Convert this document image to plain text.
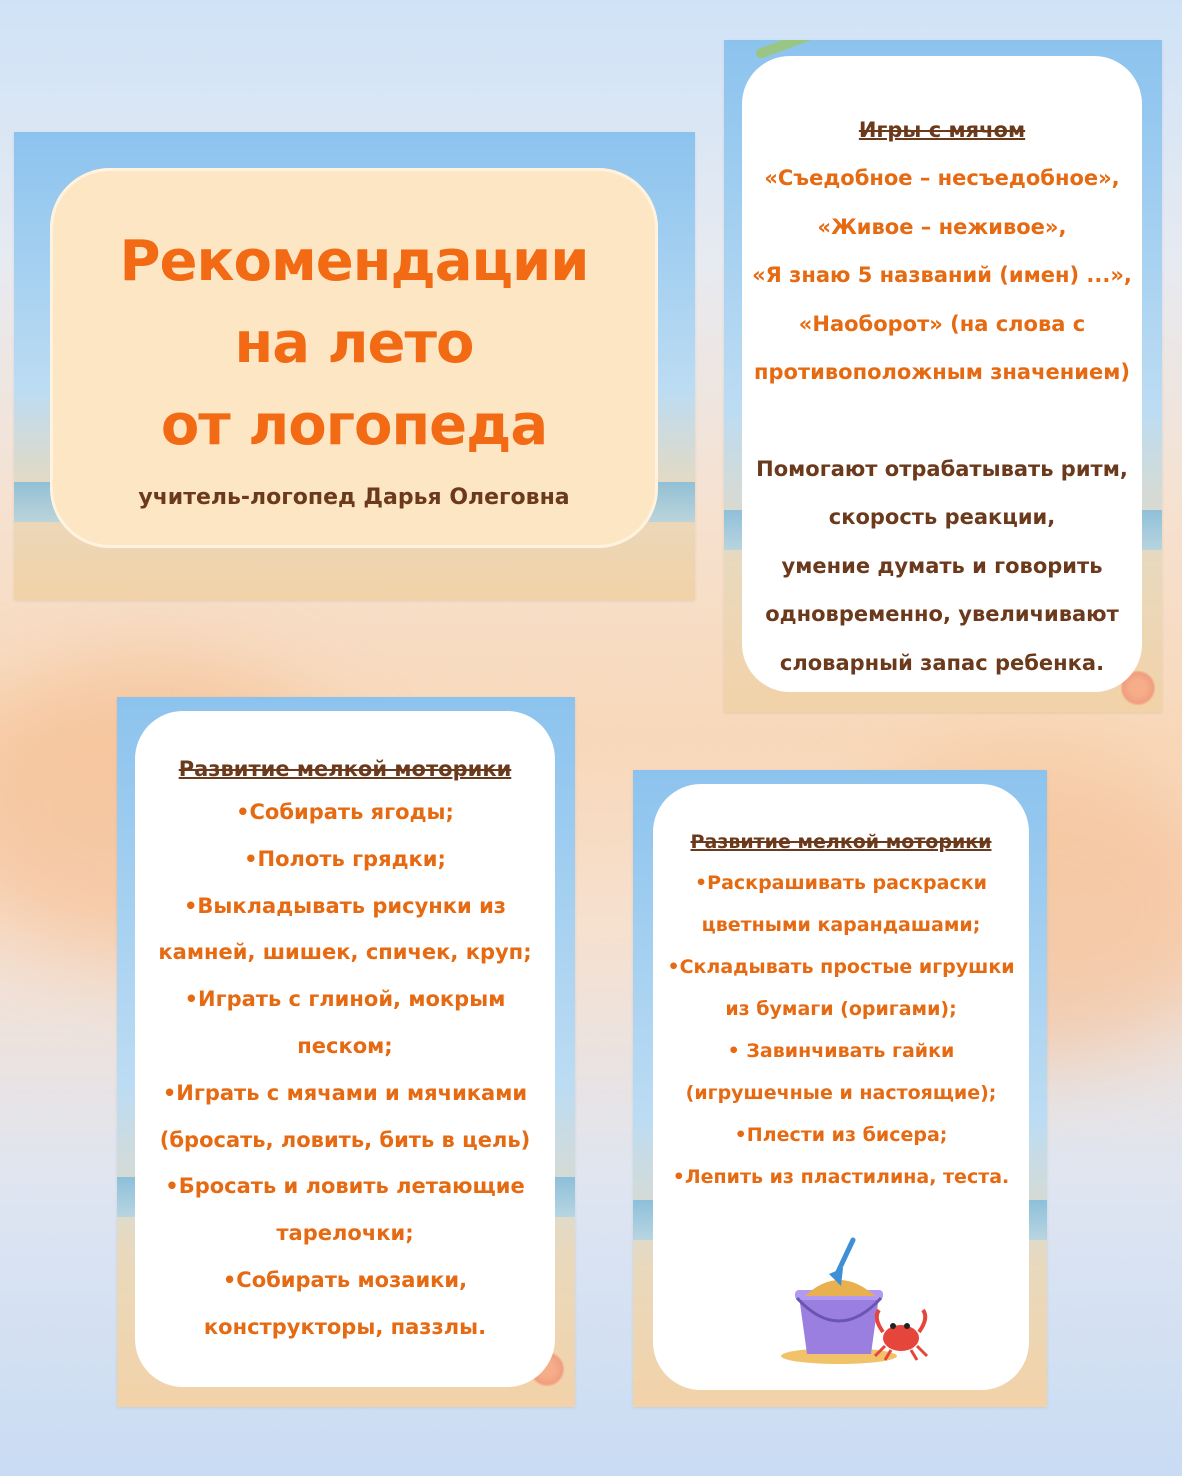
Рекомендации
на лето
от логопеда
учитель-логопед Дарья Олеговна
Игры с мячом
«Съедобное – несъедобное»,
«Живое – неживое»,
«Я знаю 5 названий (имен) ...»,
«Наоборот» (на слова с
противоположным значением)
Помогают отрабатывать ритм,
скорость реакции,
умение думать и говорить
одновременно, увеличивают
словарный запас ребенка.
Развитие мелкой моторики
•Собирать ягоды;
•Полоть грядки;
•Выкладывать рисунки из
камней, шишек, спичек, круп;
•Играть с глиной, мокрым
песком;
•Играть с мячами и мячиками
(бросать, ловить, бить в цель)
•Бросать и ловить летающие
тарелочки;
•Собирать мозаики,
конструкторы, паззлы.
Развитие мелкой моторики
•Раскрашивать раскраски
цветными карандашами;
•Складывать простые игрушки
из бумаги (оригами);
• Завинчивать гайки
(игрушечные и настоящие);
•Плести из бисера;
•Лепить из пластилина, теста.
